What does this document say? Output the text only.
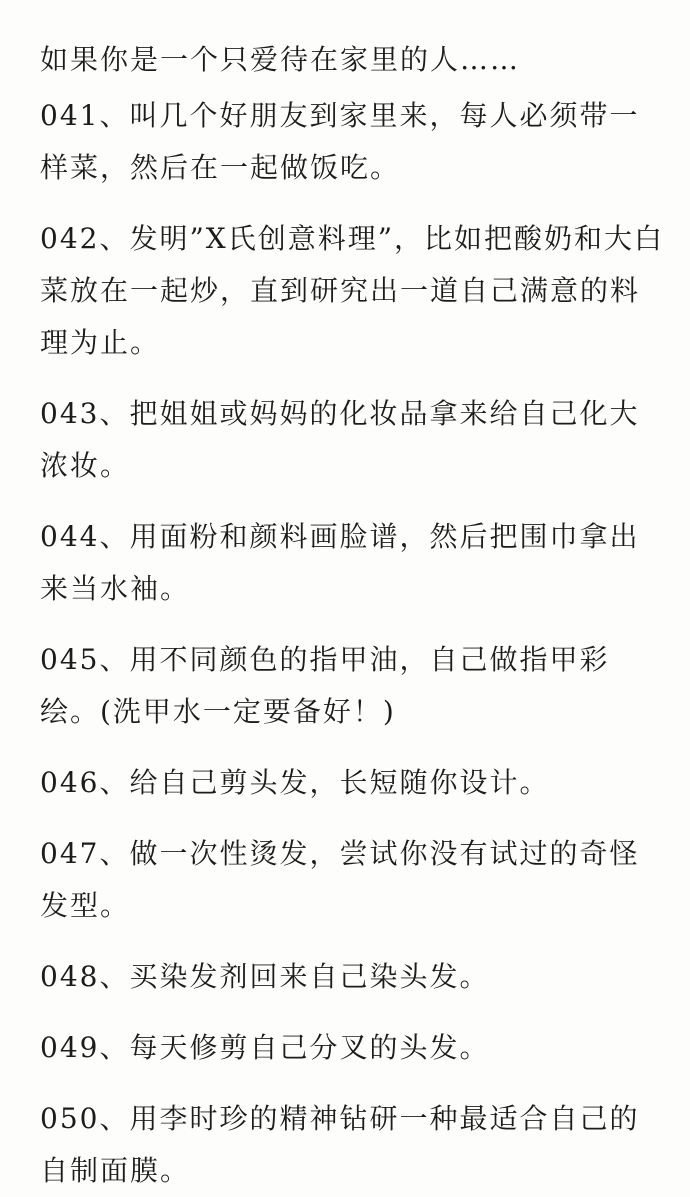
如果你是一个只爱待在家里的人……

041、叫几个好朋友到家里来，每人必须带一样菜，然后在一起做饭吃。
042、发明”X氏创意料理”，比如把酸奶和大白菜放在一起炒，直到研究出一道自己满意的料理为止。
043、把姐姐或妈妈的化妆品拿来给自己化大浓妆。
044、用面粉和颜料画脸谱，然后把围巾拿出来当水袖。
045、用不同颜色的指甲油，自己做指甲彩绘。(洗甲水一定要备好！)
046、给自己剪头发，长短随你设计。
047、做一次性烫发，尝试你没有试过的奇怪发型。
048、买染发剂回来自己染头发。
049、每天修剪自己分叉的头发。
050、用李时珍的精神钻研一种最适合自己的自制面膜。
